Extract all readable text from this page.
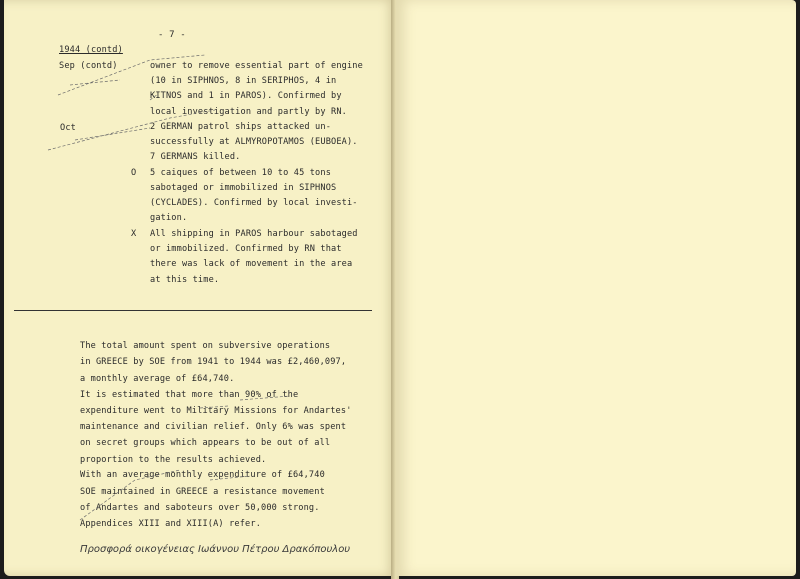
- 7 -
1944 (contd)
Sep (contd)
Oct
owner to remove essential part of engine
(10 in SIPHNOS, 8 in SERIPHOS, 4 in
KITNOS and 1 in PAROS). Confirmed by
local investigation and partly by RN.
2 GERMAN patrol ships attacked un-
successfully at ALMYROPOTAMOS (EUBOEA).
7 GERMANS killed.
O 5 caiques of between 10 to 45 tons
sabotaged or immobilized in SIPHNOS
(CYCLADES). Confirmed by local investi-
gation.
X All shipping in PAROS harbour sabotaged
or immobilized. Confirmed by RN that
there was lack of movement in the area
at this time.
The total amount spent on subversive operations
in GREECE by SOE from 1941 to 1944 was £2,460,097,
a monthly average of £64,740.
It is estimated that more than 90% of the
expenditure went to Military Missions for Andartes'
maintenance and civilian relief. Only 6% was spent
on secret groups which appears to be out of all
proportion to the results achieved.
With an average monthly expenditure of £64,740
SOE maintained in GREECE a resistance movement
of Andartes and saboteurs over 50,000 strong.
Appendices XIII and XIII(A) refer.
Προσφορά οικογένειας Ιωάννου Πέτρου Δρακόπουλου
